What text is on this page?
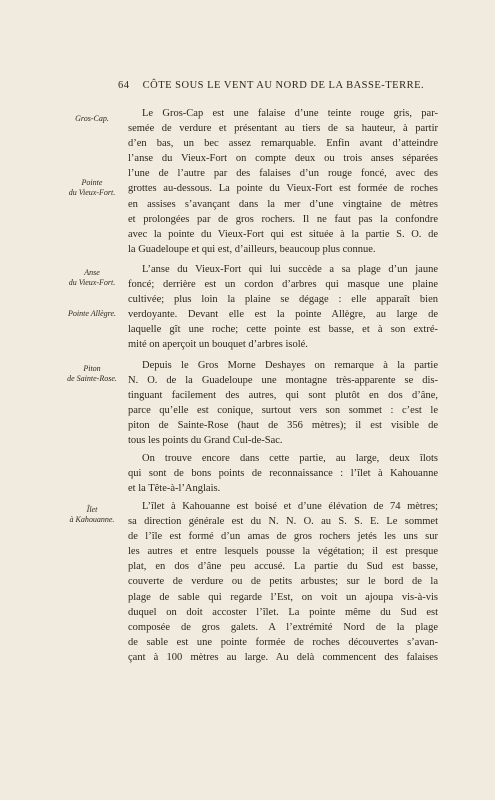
64 CÔTE SOUS LE VENT AU NORD DE LA BASSE-TERRE.
Gros-Cap.
Pointe
du Vieux-Fort.
Anse
du Vieux-Fort.
Pointe Allègre.
Piton
de Sainte-Rose.
Îlet
à Kahouanne.
Le Gros-Cap est une falaise d’une teinte rouge gris, par-
semée de verdure et présentant au tiers de sa hauteur, à partir
d’en bas, un bec assez remarquable. Enfin avant d’atteindre
l’anse du Vieux-Fort on compte deux ou trois anses séparées
l’une de l’autre par des falaises d’un rouge foncé, avec des
grottes au-dessous. La pointe du Vieux-Fort est formée de roches
en assises s’avançant dans la mer d’une vingtaine de mètres
et prolongées par de gros rochers. Il ne faut pas la confondre
avec la pointe du Vieux-Fort qui est située à la partie S. O. de
la Guadeloupe et qui est, d’ailleurs, beaucoup plus connue.
L’anse du Vieux-Fort qui lui succède a sa plage d’un jaune
foncé; derrière est un cordon d’arbres qui masque une plaine
cultivée; plus loin la plaine se dégage : elle apparaît bien
verdoyante. Devant elle est la pointe Allègre, au large de
laquelle gît une roche; cette pointe est basse, et à son extré-
mité on aperçoit un bouquet d’arbres isolé.
Depuis le Gros Morne Deshayes on remarque à la partie
N. O. de la Guadeloupe une montagne très-apparente se dis-
tinguant facilement des autres, qui sont plutôt en dos d’âne,
parce qu’elle est conique, surtout vers son sommet : c’est le
piton de Sainte-Rose (haut de 356 mètres); il est visible de
tous les points du Grand Cul-de-Sac.
On trouve encore dans cette partie, au large, deux îlots
qui sont de bons points de reconnaissance : l’îlet à Kahouanne
et la Tête-à-l’Anglais.
L’îlet à Kahouanne est boisé et d’une élévation de 74 mètres;
sa direction générale est du N. N. O. au S. S. E. Le sommet
de l’île est formé d’un amas de gros rochers jetés les uns sur
les autres et entre lesquels pousse la végétation; il est presque
plat, en dos d’âne peu accusé. La partie du Sud est basse,
couverte de verdure ou de petits arbustes; sur le bord de la
plage de sable qui regarde l’Est, on voit un ajoupa vis-à-vis
duquel on doit accoster l’îlet. La pointe même du Sud est
composée de gros galets. A l’extrémité Nord de la plage
de sable est une pointe formée de roches découvertes s’avan-
çant à 100 mètres au large. Au delà commencent des falaises
